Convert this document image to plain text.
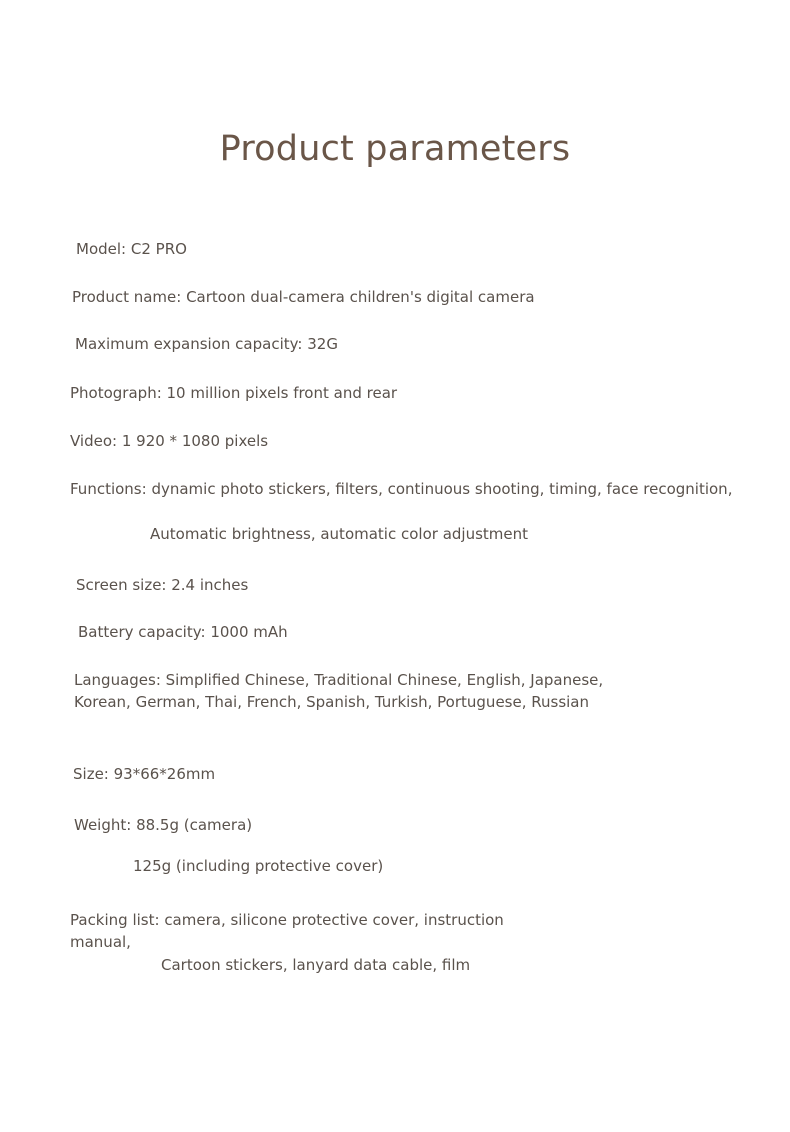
Product parameters
Model: C2 PRO
Product name: Cartoon dual-camera children's digital camera
Maximum expansion capacity: 32G
Photograph: 10 million pixels front and rear
Video: 1 920 * 1080 pixels
Functions: dynamic photo stickers, filters, continuous shooting, timing, face recognition,
Automatic brightness, automatic color adjustment
Screen size: 2.4 inches
Battery capacity: 1000 mAh
Languages: Simplified Chinese, Traditional Chinese, English, Japanese, Korean, German, Thai, French, Spanish, Turkish, Portuguese, Russian
Size: 93*66*26mm
Weight: 88.5g (camera)
125g (including protective cover)
Packing list: camera, silicone protective cover, instruction manual,
Cartoon stickers, lanyard data cable, film
